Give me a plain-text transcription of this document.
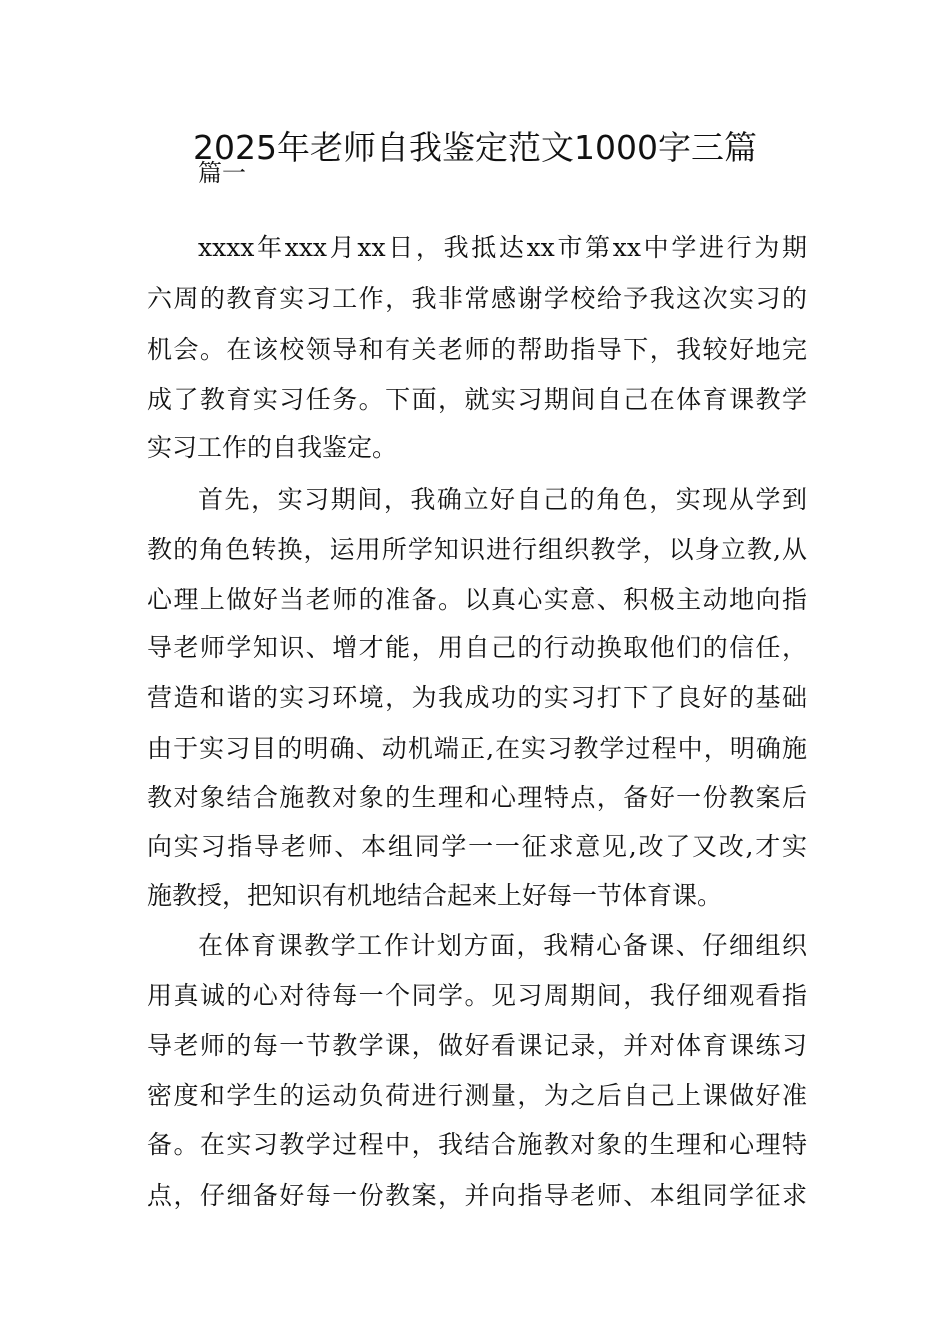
2025年老师自我鉴定范文1000字三篇
篇一
xxxx年xxx月xx日，我抵达xx市第xx中学进行为期
六周的教育实习工作，我非常感谢学校给予我这次实习的
机会。在该校领导和有关老师的帮助指导下，我较好地完
成了教育实习任务。下面，就实习期间自己在体育课教学
实习工作的自我鉴定。
首先，实习期间，我确立好自己的角色，实现从学到
教的角色转换，运用所学知识进行组织教学，以身立教,从
心理上做好当老师的准备。以真心实意、积极主动地向指
导老师学知识、增才能，用自己的行动换取他们的信任，
营造和谐的实习环境，为我成功的实习打下了良好的基础
由于实习目的明确、动机端正,在实习教学过程中，明确施
教对象结合施教对象的生理和心理特点，备好一份教案后
向实习指导老师、本组同学一一征求意见,改了又改,才实
施教授，把知识有机地结合起来上好每一节体育课。
在体育课教学工作计划方面，我精心备课、仔细组织
用真诚的心对待每一个同学。见习周期间，我仔细观看指
导老师的每一节教学课，做好看课记录，并对体育课练习
密度和学生的运动负荷进行测量，为之后自己上课做好准
备。在实习教学过程中，我结合施教对象的生理和心理特
点，仔细备好每一份教案，并向指导老师、本组同学征求
